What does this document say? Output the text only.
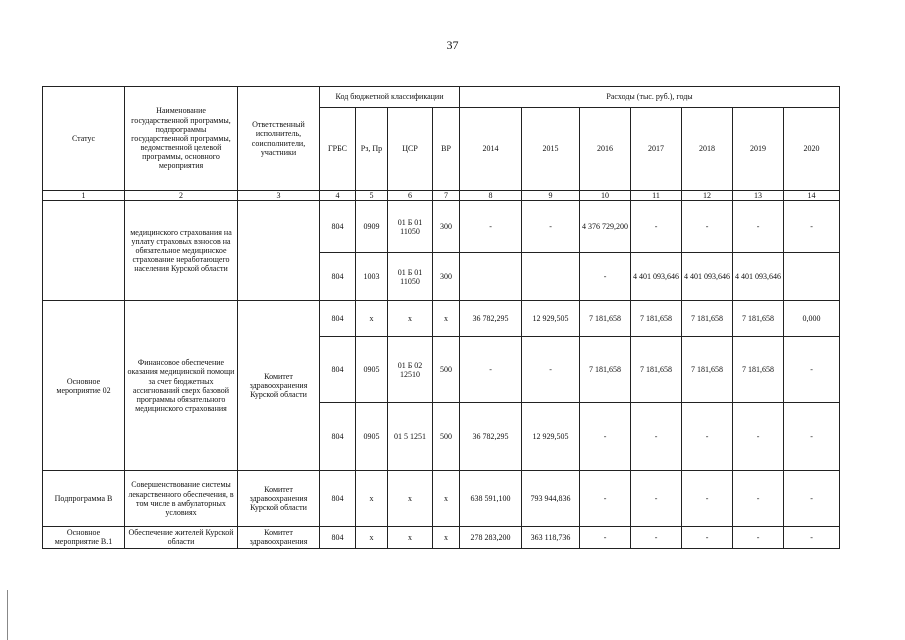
37
Статус	Наименование государственной программы, подпрограммы государственной программы, ведомственной целевой программы, основного мероприятия	Ответственный исполнитель, соисполнители, участники	Код бюджетной классификации				Расходы (тыс. руб.), годы						
			ГРБС	Рз, Пр	ЦСР	ВР	2014	2015	2016	2017	2018	2019	2020
1	2	3	4	5	6	7	8	9	10	11	12	13	14
	медицинского страхования на уплату страховых взносов на обязательное медицинское страхование неработающего населения Курской области		804	0909	01 Б 01 11050	300	-	-	4 376 729,200	-	-	-	-
			804	1003	01 Б 01 11050	300			-	4 401 093,646	4 401 093,646	4 401 093,646	
Основное мероприятие 02	Финансовое обеспечение оказания медицинской помощи за счет бюджетных ассигнований сверх базовой программы обязательного медицинского страхования	Комитет здравоохранения Курской области	804	х	х	х	36 782,295	12 929,505	7 181,658	7 181,658	7 181,658	7 181,658	0,000
			804	0905	01 Б 02 12510	500	-	-	7 181,658	7 181,658	7 181,658	7 181,658	-
			804	0905	01 5 1251	500	36 782,295	12 929,505	-	-	-	-	-
Подпрограмма В	Совершенствование системы лекарственного обеспечения, в том числе в амбулаторных условиях	Комитет здравоохранения Курской области	804	х	х	х	638 591,100	793 944,836	-	-	-	-	-
Основное мероприятие В.1	Обеспечение жителей Курской области	Комитет здравоохранения	804	х	х	х	278 283,200	363 118,736	-	-	-	-	-
